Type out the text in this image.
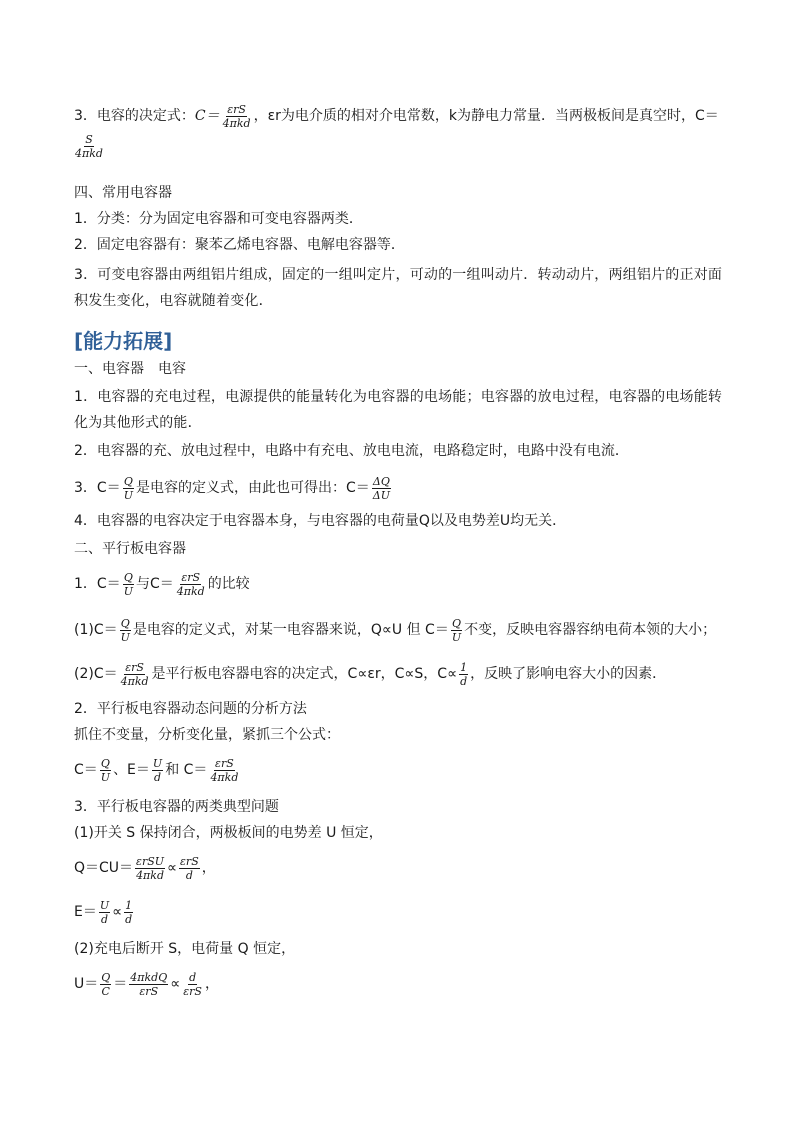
3．电容的决定式： $C= \frac{\text{εrS}}{\text{4πkd}}$ ，εr为电介质的相对介电常数，k为静电力常量．当两极板间是真空时，C＝
$\frac{S}{\text{4πkd}}$
四、常用电容器
1．分类：分为固定电容器和可变电容器两类．
2．固定电容器有：聚苯乙烯电容器、电解电容器等．
3．可变电容器由两组铝片组成，固定的一组叫定片，可动的一组叫动片．转动动片，两组铝片的正对面积发生变化，电容就随着变化．
[能力拓展]
一、电容器　电容
1．电容器的充电过程，电源提供的能量转化为电容器的电场能；电容器的放电过程，电容器的电场能转化为其他形式的能．
2．电容器的充、放电过程中，电路中有充电、放电电流，电路稳定时，电路中没有电流．
3．$C= \frac{Q}{U}$ 是电容的定义式，由此也可得出：$C= \frac{\Delta Q}{\Delta U}$
4．电容器的电容决定于电容器本身，与电容器的电荷量Q以及电势差U均无关．
二、平行板电容器
1．$C= \frac{Q}{U}$ 与$C= \frac{\text{εrS}}{\text{4πkd}}$ 的比较
$(1)C= \frac{Q}{U}$ 是电容的定义式，对某一电容器来说，Q∝U 但 $C= \frac{Q}{U}$ 不变，反映电容器容纳电荷本领的大小；
$(2)C= \frac{\text{εrS}}{\text{4πkd}}$ 是平行板电容器电容的决定式，C∝εr，C∝S，$C\propto \frac{1}{d}$ ，反映了影响电容大小的因素．
2．平行板电容器动态问题的分析方法
抓住不变量，分析变化量，紧抓三个公式：
$C= \frac{Q}{U}$ 、$E= \frac{U}{d}$ 和 $C= \frac{\text{εrS}}{\text{4πkd}}$
3．平行板电容器的两类典型问题
(1)开关 S 保持闭合，两极板间的电势差 U 恒定，
$Q=CU= \frac{\text{εrSU}}{\text{4πkd}} \propto \frac{\text{εrS}}{d}$ ，
$E= \frac{U}{d} \propto \frac{1}{d}$
(2)充电后断开 S，电荷量 Q 恒定，
$U= \frac{Q}{C} = \frac{\text{4πkdQ}}{\text{εrS}} \propto \frac{d}{\text{εrS}}$ ，
